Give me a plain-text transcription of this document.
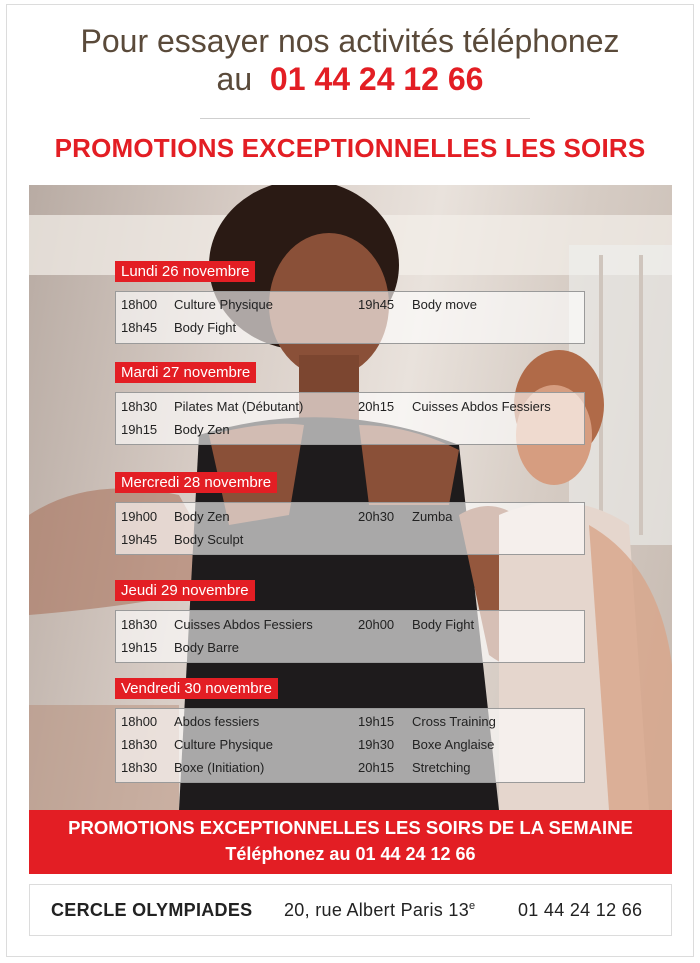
Pour essayer nos activités téléphonez
au 01 44 24 12 66
PROMOTIONS EXCEPTIONNELLES LES SOIRS
Lundi 26 novembre
18h00 Culture Physique	19h45 Body move
18h45 Body Fight
Mardi 27 novembre
18h30 Pilates Mat (Débutant)	20h15 Cuisses Abdos Fessiers
19h15 Body Zen
Mercredi 28 novembre
19h00 Body Zen	20h30 Zumba
19h45 Body Sculpt
Jeudi 29 novembre
18h30 Cuisses Abdos Fessiers	20h00 Body Fight
19h15 Body Barre
Vendredi 30 novembre
18h00 Abdos fessiers	19h15 Cross Training
18h30 Culture Physique	19h30 Boxe Anglaise
18h30 Boxe (Initiation)	20h15 Stretching
PROMOTIONS EXCEPTIONNELLES LES SOIRS DE LA SEMAINE
Téléphonez au 01 44 24 12 66
CERCLE OLYMPIADES 20, rue Albert Paris 13e 01 44 24 12 66
